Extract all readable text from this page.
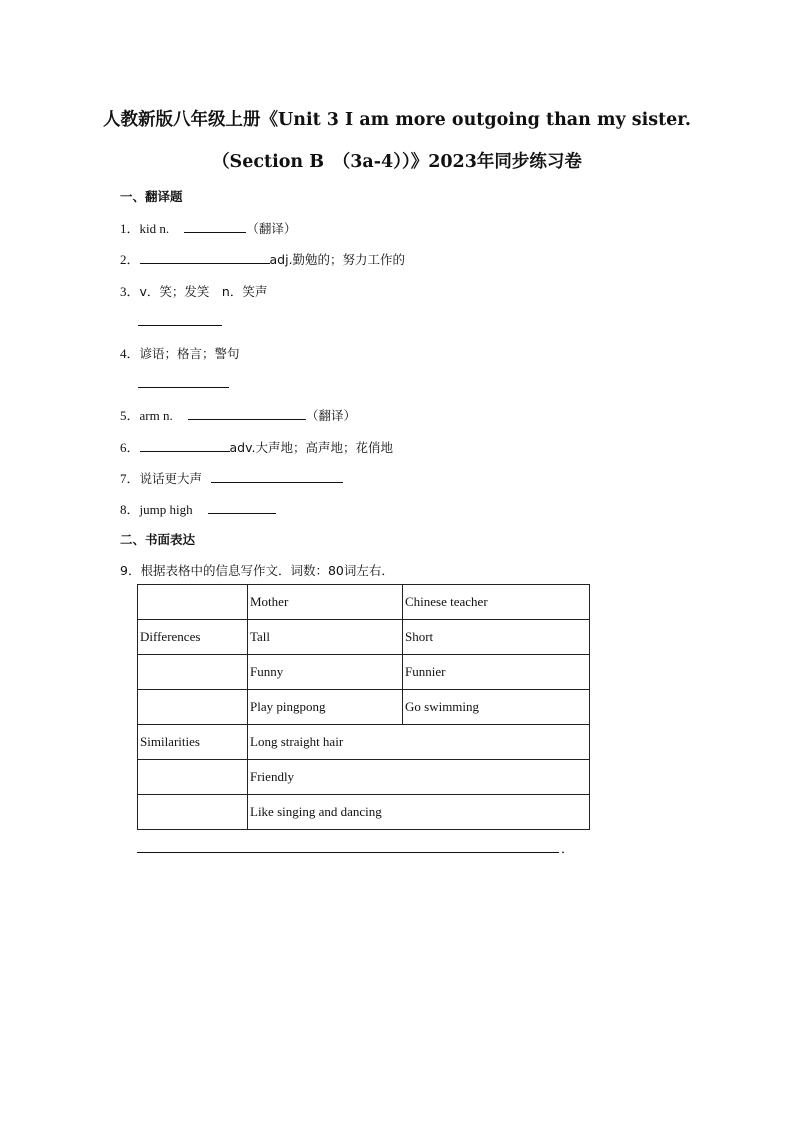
人教新版八年级上册《Unit 3 I am more outgoing than my sister.
（Section B　（3a-4））》2023年同步练习卷
一、翻译题
1．kid n.	（翻译）
2．	adj.勤勉的；努力工作的
3．v．笑；发笑　n．笑声
4．谚语；格言；警句
5．arm n.	（翻译）
6．	adv.大声地；高声地；花俏地
7．说话更大声
8．jump high
二、书面表达
9．根据表格中的信息写作文．词数：80词左右．
	Mother	Chinese teacher
Differences	Tall	Short
	Funny	Funnier
	Play pingpong	Go swimming
Similarities	Long straight hair	
	Friendly	
	Like singing and dancing	
．
